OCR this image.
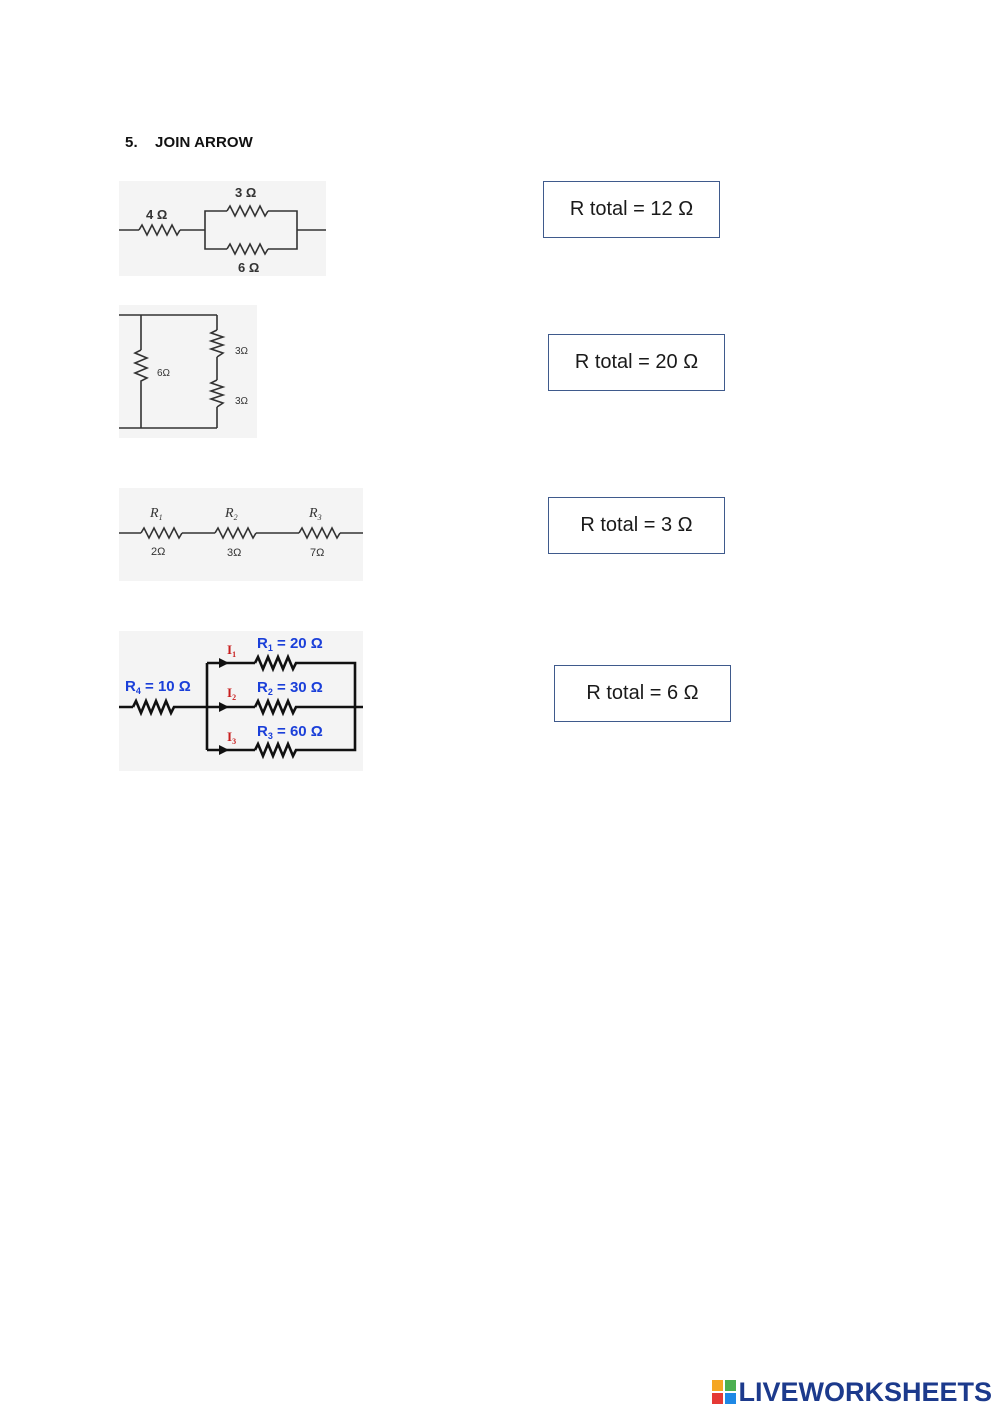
5. JOIN ARROW
4 Ω
3 Ω
6 Ω
6Ω
3Ω
3Ω
$R_1$	$R_2$	$R_3$
2Ω	3Ω	7Ω
$R_4 = 10$ Ω
$R_1 = 20$ Ω
$R_2 = 30$ Ω
$R_3 = 60$ Ω
$I_1$
$I_2$
$I_3$
R total = 12 Ω
R total = 20 Ω
R total = 3 Ω
R total = 6 Ω
LIVEWORKSHEETS
